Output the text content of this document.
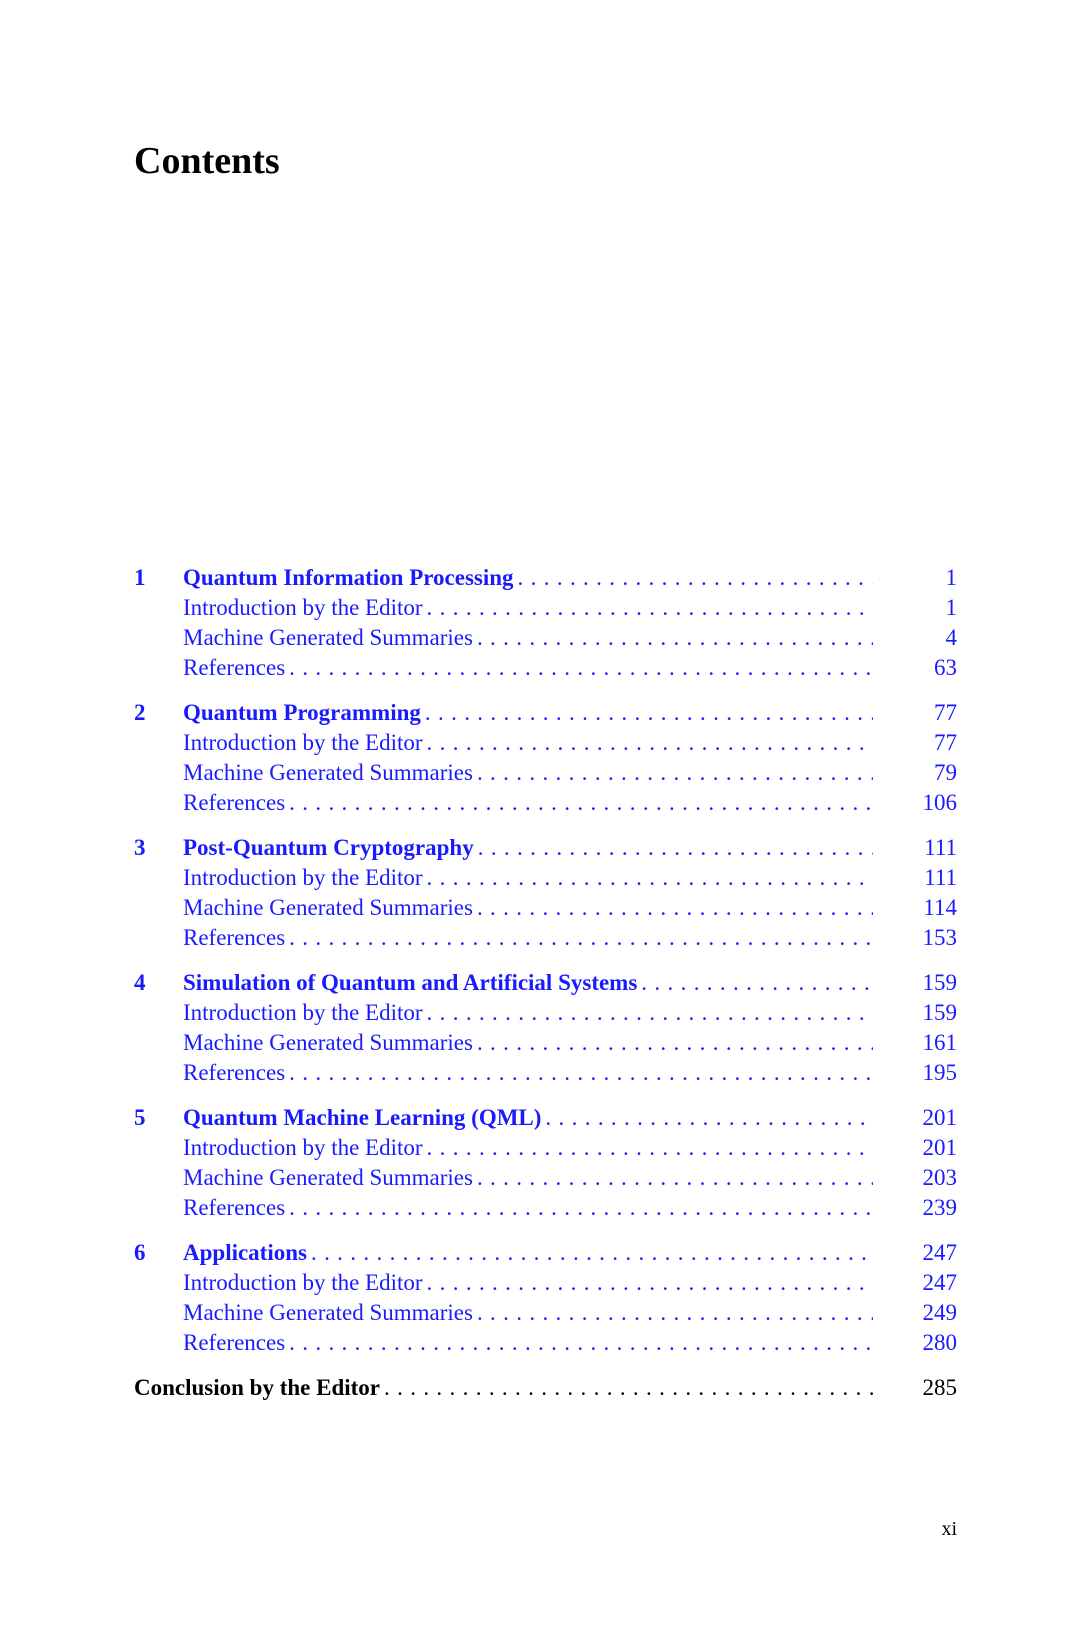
Contents
1	Quantum Information Processing . . .	1
Introduction by the Editor . . .	1
Machine Generated Summaries . . .	4
References . . .	63
2	Quantum Programming . . .	77
Introduction by the Editor . . .	77
Machine Generated Summaries . . .	79
References . . .	106
3	Post-Quantum Cryptography . . .	111
Introduction by the Editor . . .	111
Machine Generated Summaries . . .	114
References . . .	153
4	Simulation of Quantum and Artificial Systems . . .	159
Introduction by the Editor . . .	159
Machine Generated Summaries . . .	161
References . . .	195
5	Quantum Machine Learning (QML) . . .	201
Introduction by the Editor . . .	201
Machine Generated Summaries . . .	203
References . . .	239
6	Applications . . .	247
Introduction by the Editor . . .	247
Machine Generated Summaries . . .	249
References . . .	280
Conclusion by the Editor . . .	285
xi
